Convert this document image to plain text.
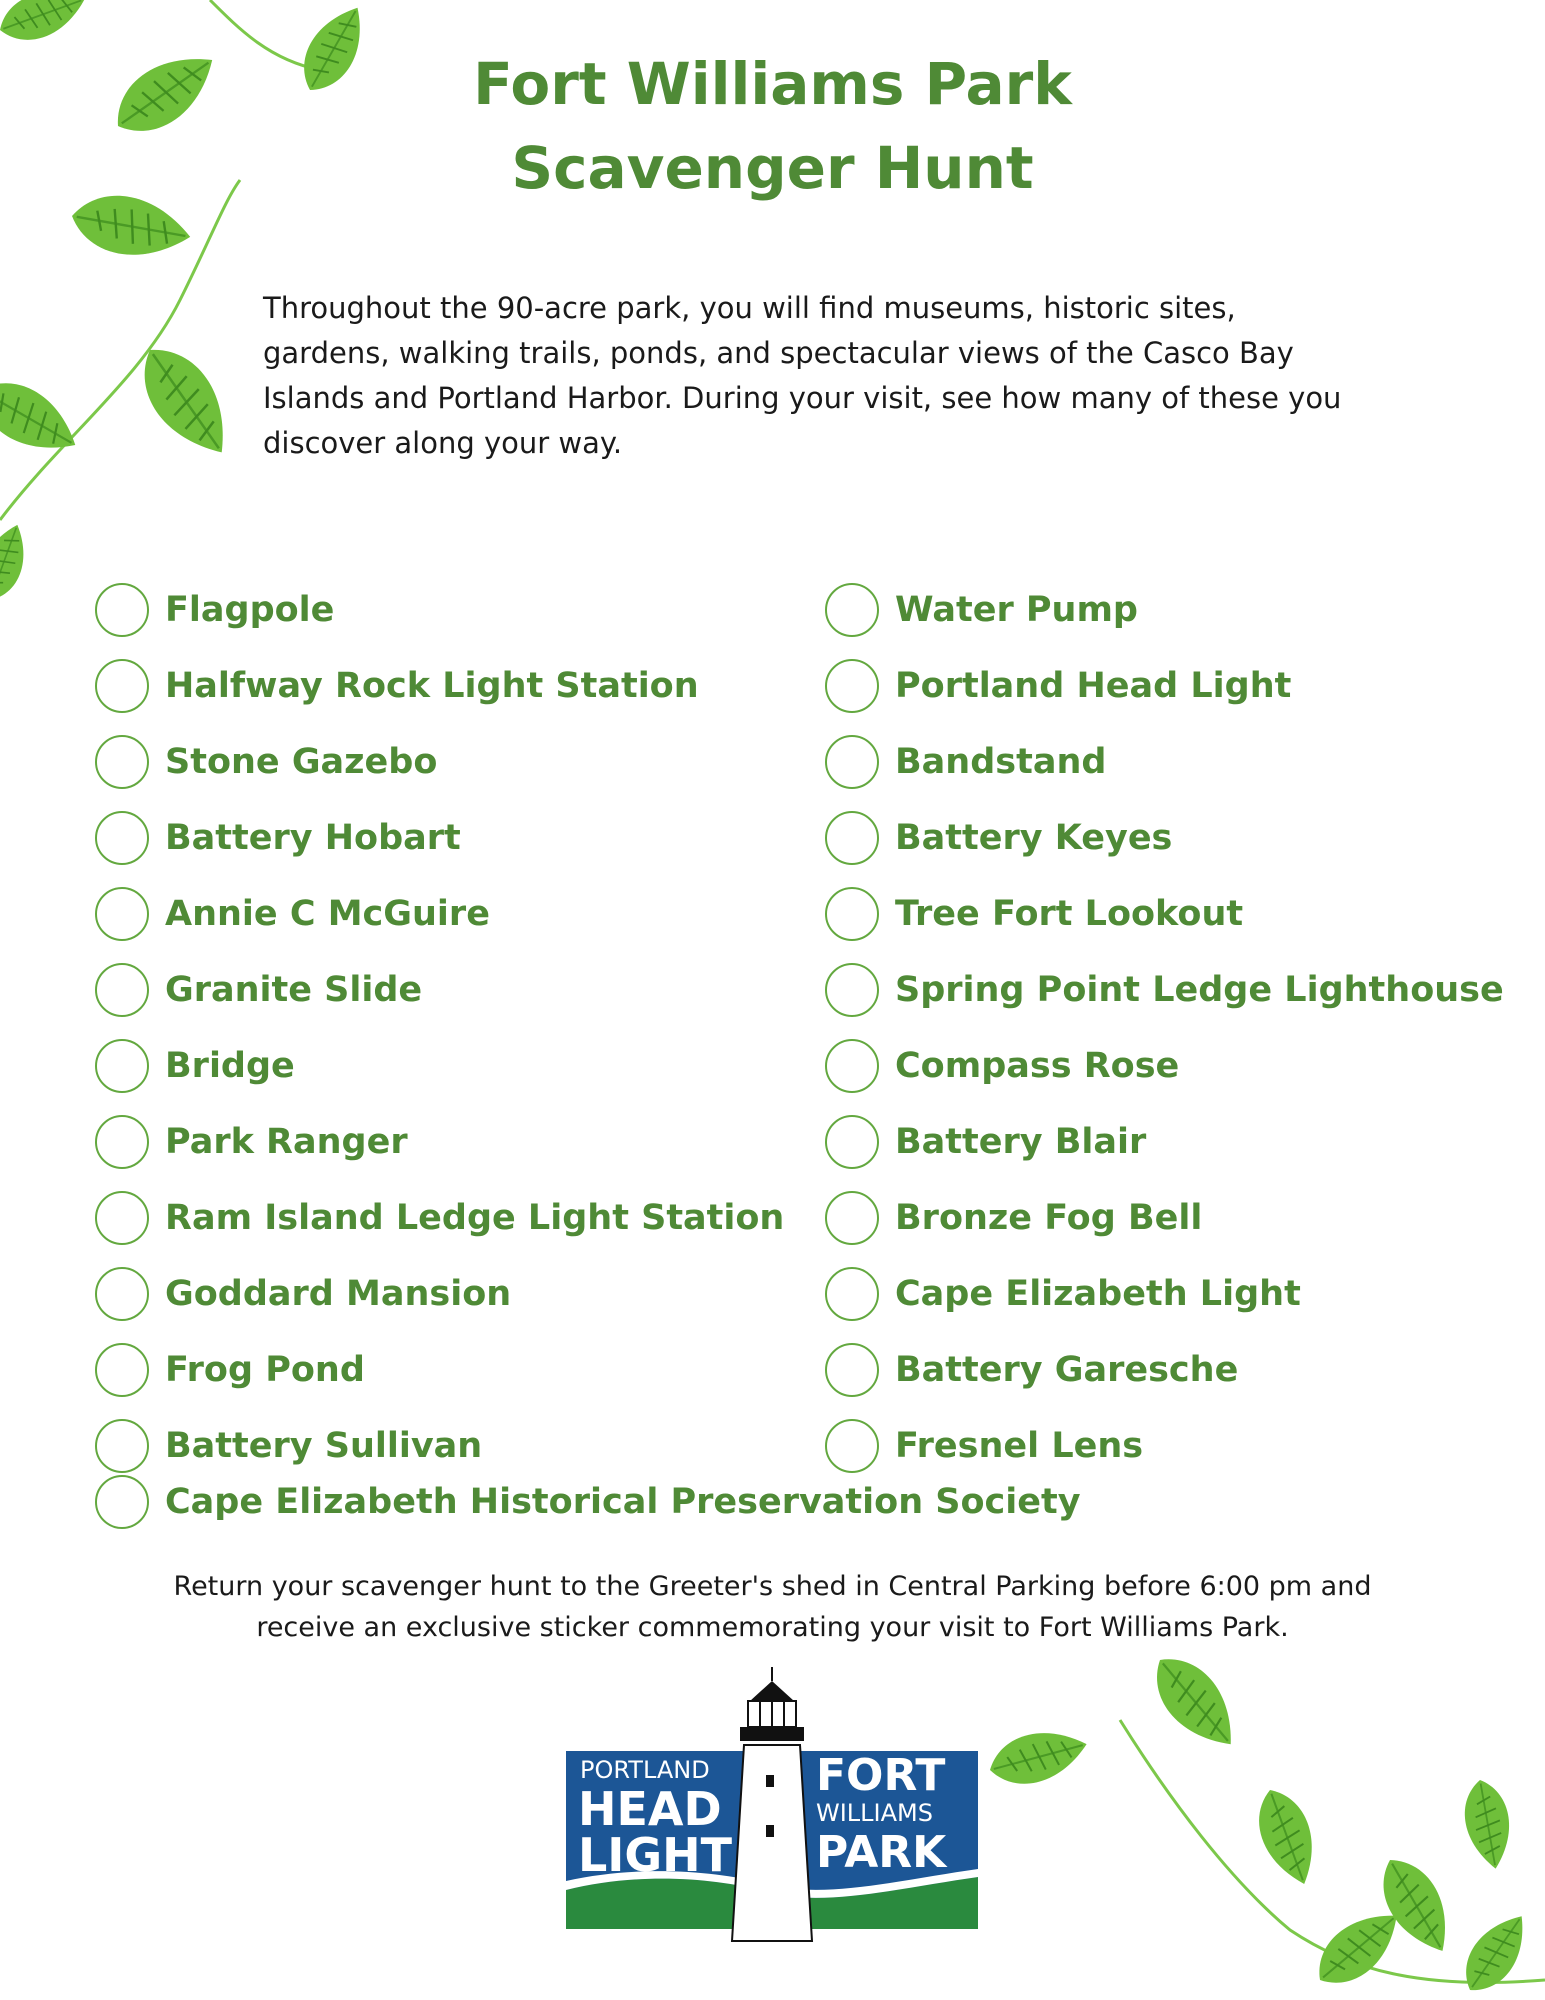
Fort Williams Park
Scavenger Hunt
Throughout the 90-acre park, you will find museums, historic sites,
gardens, walking trails, ponds, and spectacular views of the Casco Bay
Islands and Portland Harbor. During your visit, see how many of these you
discover along your way.
Flagpole
Halfway Rock Light Station
Stone Gazebo
Battery Hobart
Annie C McGuire
Granite Slide
Bridge
Park Ranger
Ram Island Ledge Light Station
Goddard Mansion
Frog Pond
Battery Sullivan
Water Pump
Portland Head Light
Bandstand
Battery Keyes
Tree Fort Lookout
Spring Point Ledge Lighthouse
Compass Rose
Battery Blair
Bronze Fog Bell
Cape Elizabeth Light
Battery Garesche
Fresnel Lens
Cape Elizabeth Historical Preservation Society
Return your scavenger hunt to the Greeter's shed in Central Parking before 6:00 pm and
receive an exclusive sticker commemorating your visit to Fort Williams Park.
PORTLAND
HEAD
LIGHT
FORT
WILLIAMS
PARK
